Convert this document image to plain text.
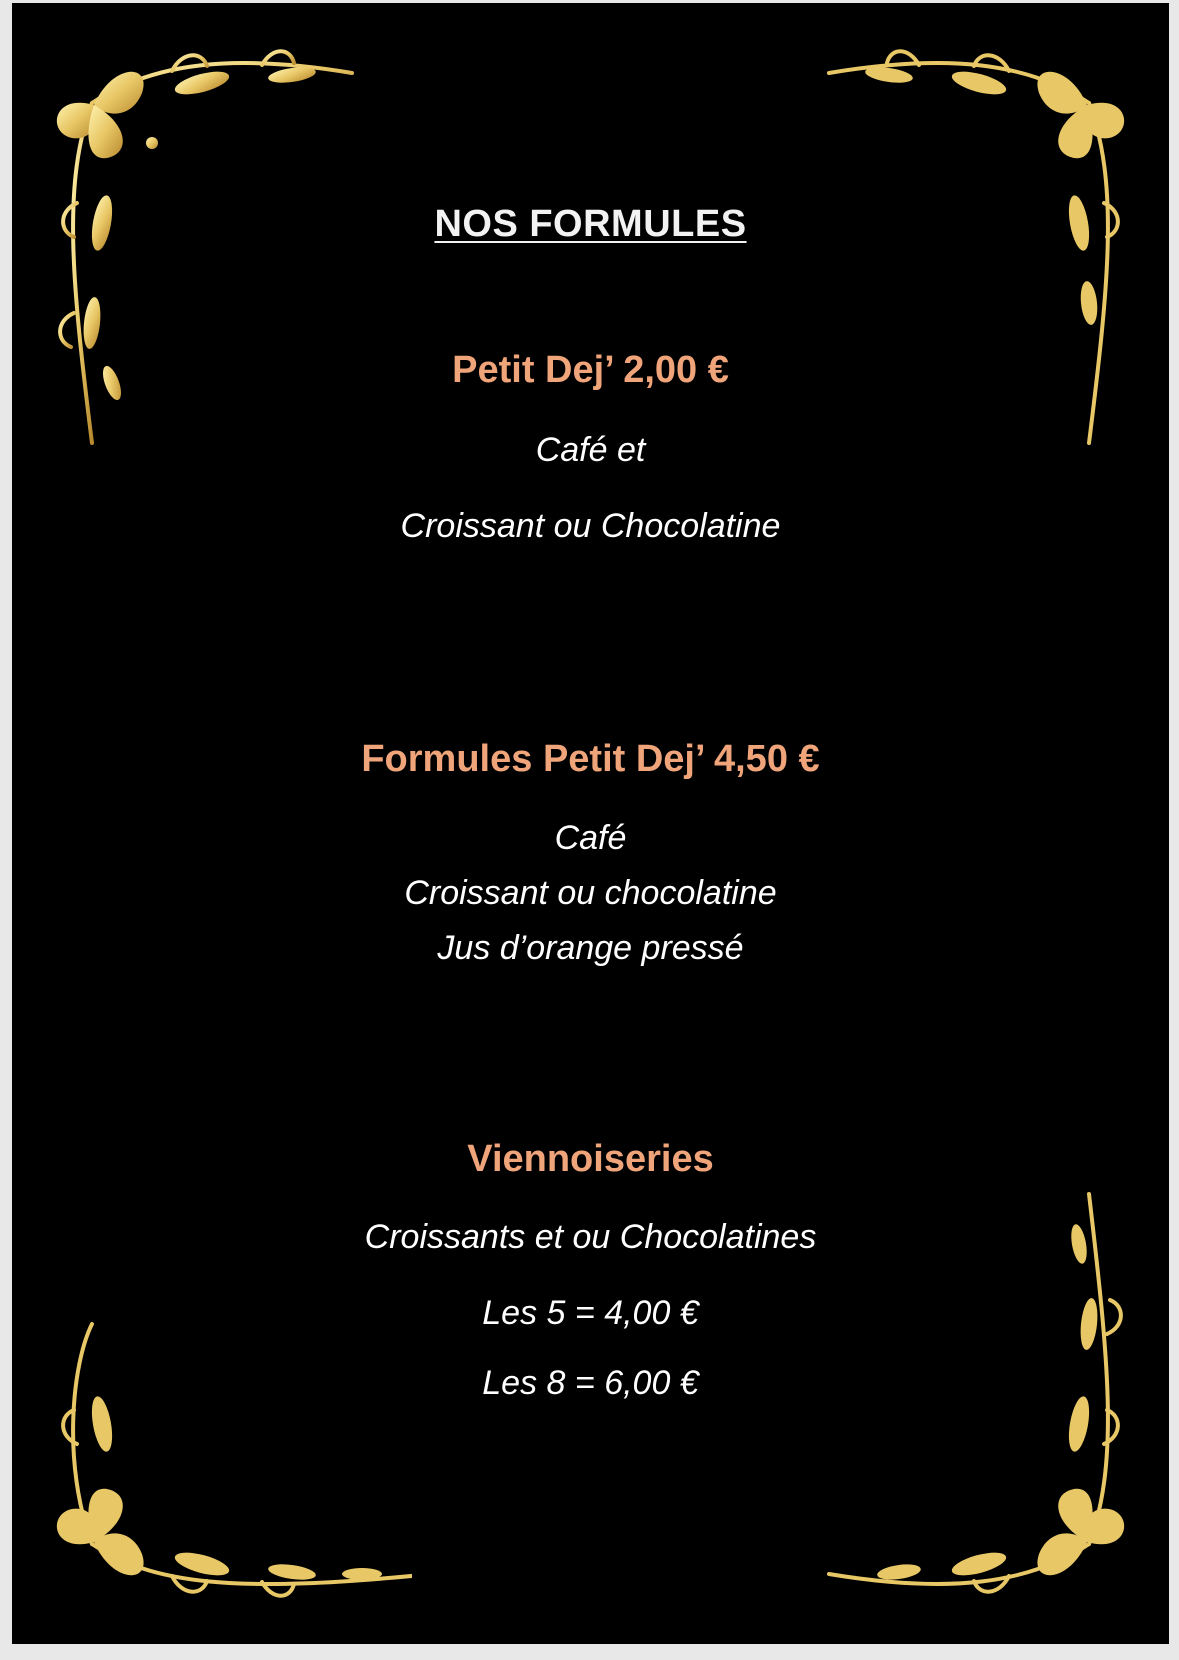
NOS FORMULES
Petit Dej’ 2,00 €
Café et
Croissant ou Chocolatine
Formules Petit Dej’ 4,50 €
Café
Croissant ou chocolatine
Jus d’orange pressé
Viennoiseries
Croissants et ou Chocolatines
Les 5 = 4,00 €
Les 8 = 6,00 €
